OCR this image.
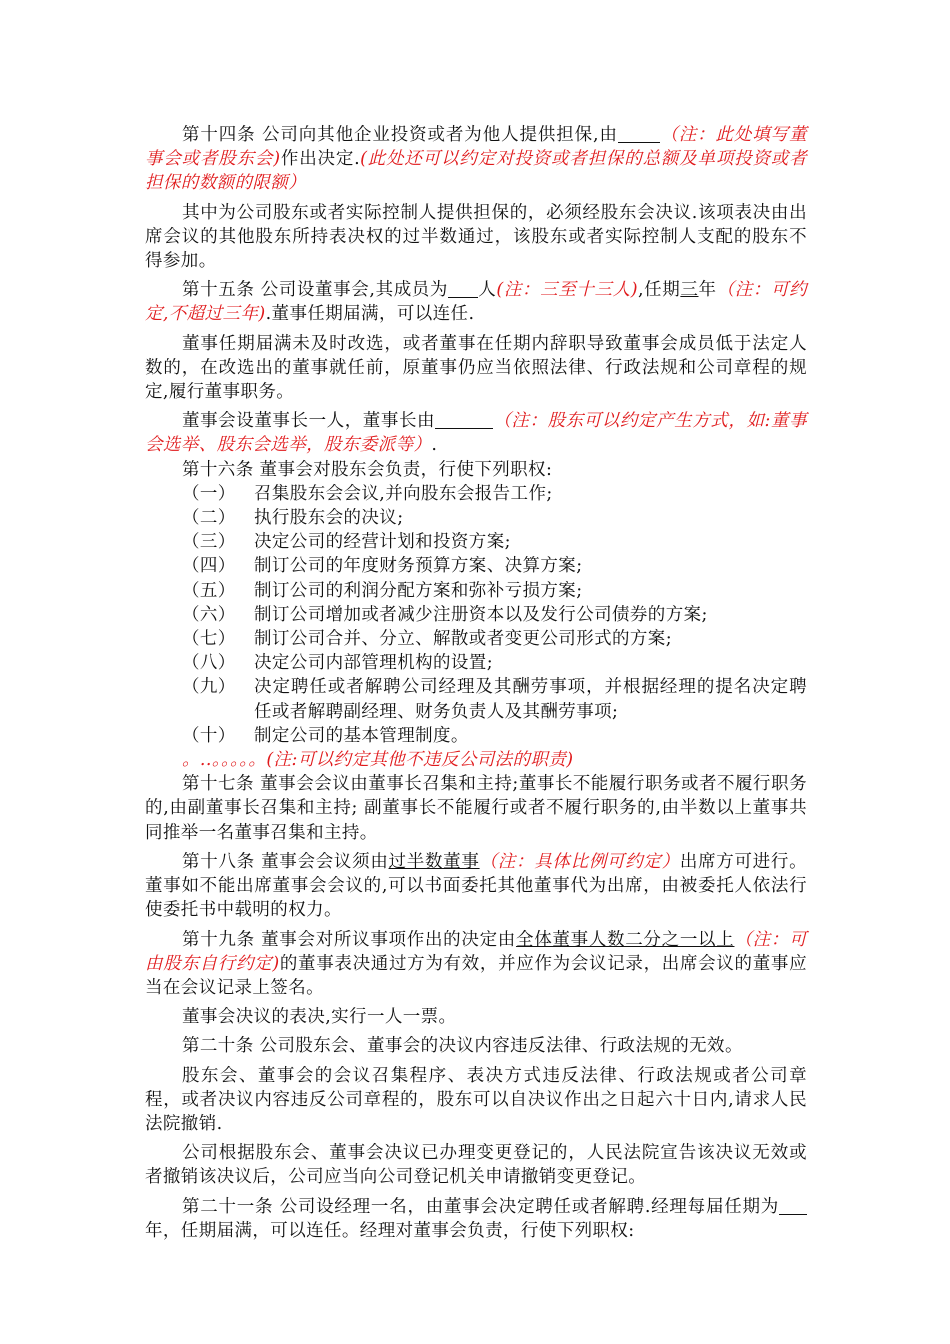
第十四条 公司向其他企业投资或者为他人提供担保,由 （注：此处填写董事会或者股东会)作出决定.(此处还可以约定对投资或者担保的总额及单项投资或者担保的数额的限额）

其中为公司股东或者实际控制人提供担保的，必须经股东会决议.该项表决由出席会议的其他股东所持表决权的过半数通过，该股东或者实际控制人支配的股东不得参加。

第十五条 公司设董事会,其成员为 人(注：三至十三人),任期三年（注：可约定,不超过三年).董事任期届满，可以连任.

董事任期届满未及时改选，或者董事在任期内辞职导致董事会成员低于法定人数的，在改选出的董事就任前，原董事仍应当依照法律、行政法规和公司章程的规定,履行董事职务。

董事会设董事长一人，董事长由	（注：股东可以约定产生方式，如:董事会选举、股东会选举，股东委派等）.

第十六条 董事会对股东会负责，行使下列职权:

（一）	召集股东会会议,并向股东会报告工作;

（二）	执行股东会的决议;

（三）	决定公司的经营计划和投资方案;

（四）	制订公司的年度财务预算方案、决算方案;

（五）	制订公司的利润分配方案和弥补亏损方案;

（六）	制订公司增加或者减少注册资本以及发行公司债券的方案;

（七）	制订公司合并、分立、解散或者变更公司形式的方案;

（八）	决定公司内部管理机构的设置;

（九）	决定聘任或者解聘公司经理及其酬劳事项，并根据经理的提名决定聘任或者解聘副经理、财务负责人及其酬劳事项;

（十）	制定公司的基本管理制度。

。..。。。。。(注:可以约定其他不违反公司法的职责)

第十七条 董事会会议由董事长召集和主持;董事长不能履行职务或者不履行职务的,由副董事长召集和主持; 副董事长不能履行或者不履行职务的,由半数以上董事共同推举一名董事召集和主持。

第十八条 董事会会议须由过半数董事（注：具体比例可约定）出席方可进行。董事如不能出席董事会会议的,可以书面委托其他董事代为出席，由被委托人依法行使委托书中载明的权力。

第十九条 董事会对所议事项作出的决定由全体董事人数二分之一以上（注：可由股东自行约定)的董事表决通过方为有效，并应作为会议记录，出席会议的董事应当在会议记录上签名。

董事会决议的表决,实行一人一票。

第二十条 公司股东会、董事会的决议内容违反法律、行政法规的无效。

股东会、董事会的会议召集程序、表决方式违反法律、行政法规或者公司章程，或者决议内容违反公司章程的，股东可以自决议作出之日起六十日内,请求人民法院撤销.

公司根据股东会、董事会决议已办理变更登记的，人民法院宣告该决议无效或者撤销该决议后，公司应当向公司登记机关申请撤销变更登记。

第二十一条 公司设经理一名，由董事会决定聘任或者解聘.经理每届任期为年，任期届满，可以连任。经理对董事会负责，行使下列职权:
